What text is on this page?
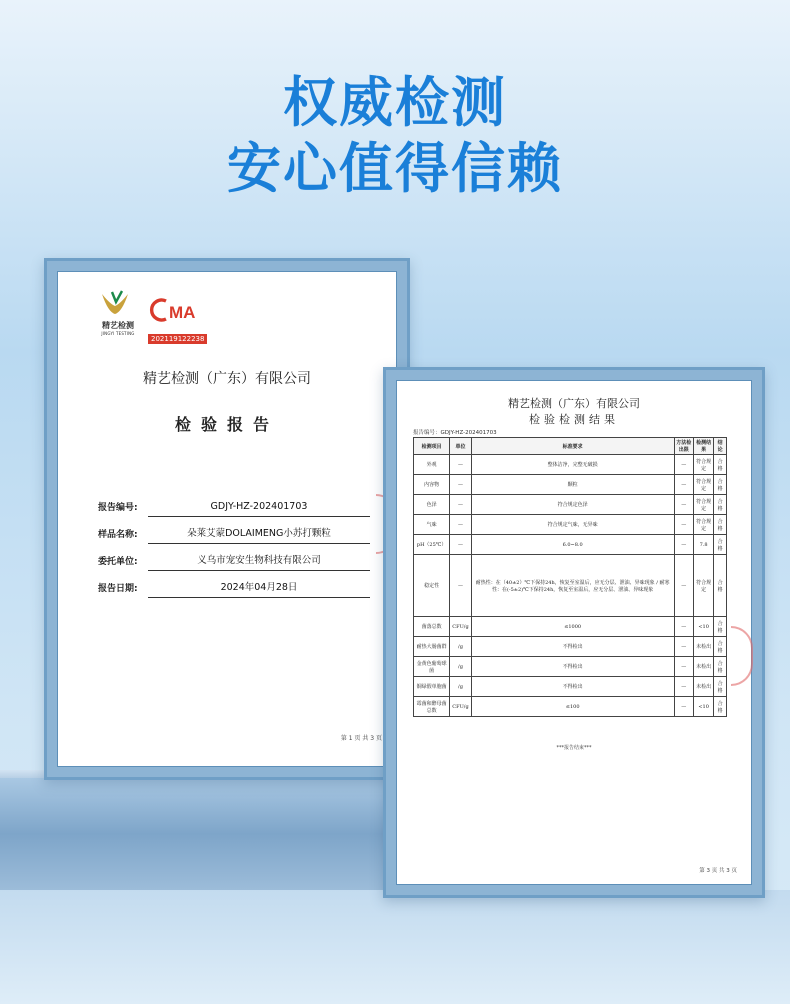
权威检测
安心值得信赖
精艺检测
JINGYI TESTING
MA
202119122238
精艺检测（广东）有限公司
检验报告
报告编号:	GDJY-HZ-202401703
样品名称:	朵莱艾蒙DOLAIMENG小苏打颗粒
委托单位:	义乌市宠安生物科技有限公司
报告日期:	2024年04月28日
第 1 页 共 3 页
精艺检测（广东）有限公司
检验检测结果
报告编号：GDJY-HZ-202401703
检测项目	单位	标准要求	方法检出限	检测结果	结论
外观	—	整体洁净，完整无破损	—	符合规定	合格
内容物	—	颗粒	—	符合规定	合格
色泽	—	符合规定色泽	—	符合规定	合格
气味	—	符合规定气味，无异味	—	符合规定	合格
pH（25℃）	—	6.0~8.0	—	7.8	合格
稳定性	—	耐热性：在（40±2）℃下保持24h，恢复至室温后，应无分层、泄油、异味现象 / 耐寒性：在(-5±2)℃下保持24h，恢复至室温后，应无分层、泄油、异味现象	—	符合规定	合格
菌落总数	CFU/g	≤1000	—	<10	合格
耐热大肠菌群	/g	不得检出	—	未检出	合格
金黄色葡萄球菌	/g	不得检出	—	未检出	合格
铜绿假单胞菌	/g	不得检出	—	未检出	合格
霉菌和酵母菌总数	CFU/g	≤100	—	<10	合格
***报告结束***
第 3 页 共 3 页
